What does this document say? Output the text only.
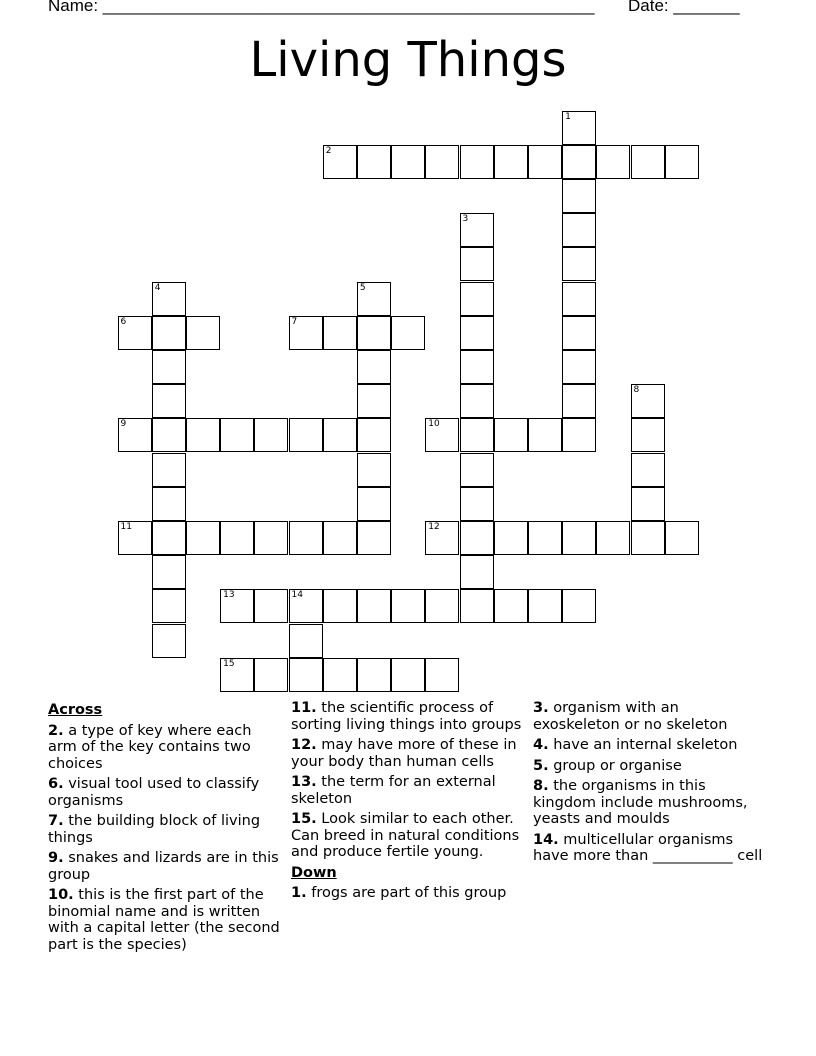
Name: ____________________________________________________ Date: _______
Living Things
1
2
3
4	5
6	7
8
9	10
11	12
13	14
15
Across
2. a type of key where each arm of the key contains two choices
6. visual tool used to classify organisms
7. the building block of living things
9. snakes and lizards are in this group
10. this is the first part of the binomial name and is written with a capital letter (the second part is the species)
11. the scientific process of sorting living things into groups
12. may have more of these in your body than human cells
13. the term for an external skeleton
15. Look similar to each other. Can breed in natural conditions and produce fertile young.
Down
1. frogs are part of this group
3. organism with an exoskeleton or no skeleton
4. have an internal skeleton
5. group or organise
8. the organisms in this kingdom include mushrooms, yeasts and moulds
14. multicellular organisms have more than ___________ cell
